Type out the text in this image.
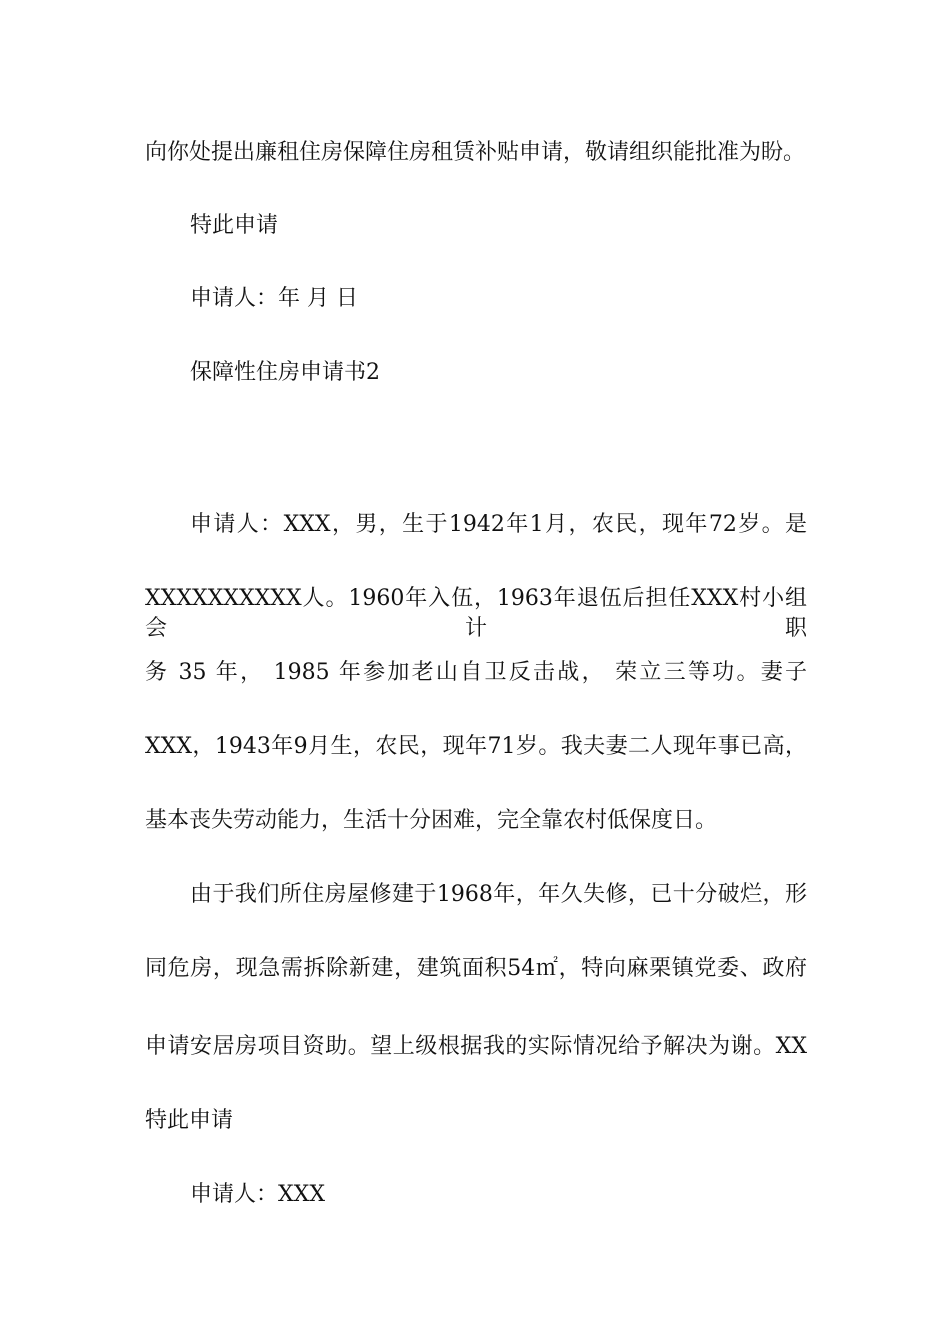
向你处提出廉租住房保障住房租赁补贴申请，敬请组织能批准为盼。
特此申请
申请人：年 月 日
保障性住房申请书2
申请人：XXX，男，生于1942年1月，农民，现年72岁。是
XXXXXXXXXX人。1960年入伍，1963年退伍后担任XXX村小组会计职
务 35 年， 1985 年参加老山自卫反击战， 荣立三等功。妻子
XXX，1943年9月生，农民，现年71岁。我夫妻二人现年事已高，
基本丧失劳动能力，生活十分困难，完全靠农村低保度日。
由于我们所住房屋修建于1968年，年久失修，已十分破烂，形
同危房，现急需拆除新建，建筑面积54㎡，特向麻栗镇党委、政府
申请安居房项目资助。望上级根据我的实际情况给予解决为谢。XX
特此申请
申请人：XXX
